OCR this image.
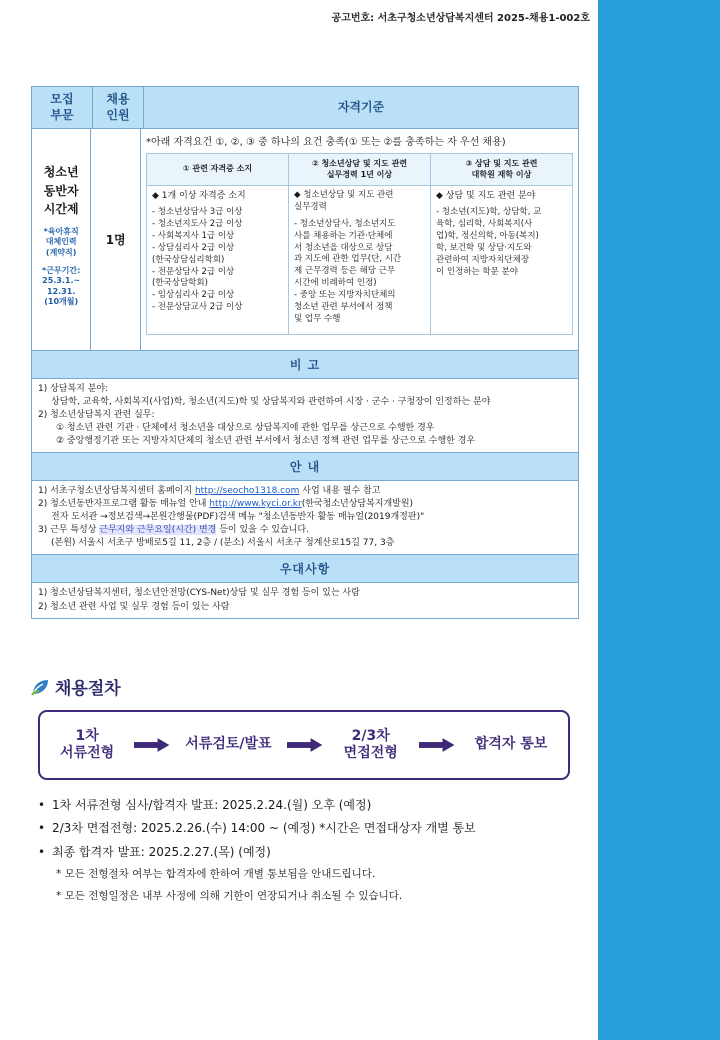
공고번호: 서초구청소년상담복지센터 2025-채용1-002호
모집
부문
채용
인원
자격기준
청소년
동반자
시간제
*육아휴직
대체인력
(계약직)
*근무기간:
25.3.1.~
12.31.
(10개월)
1명
*아래 자격요건 ①, ②, ③ 중 하나의 요건 충족(① 또는 ②를 충족하는 자 우선 채용)
① 관련 자격증 소지
② 청소년상담 및 지도 관련
실무경력 1년 이상
③ 상담 및 지도 관련
대학원 재학 이상
◆ 1개 이상 자격증 소지
- 청소년상담사 3급 이상
- 청소년지도사 2급 이상
- 사회복지사 1급 이상
- 상담심리사 2급 이상
(한국상담심리학회)
- 전문상담사 2급 이상
(한국상담학회)
- 임상심리사 2급 이상
- 전문상담교사 2급 이상
◆ 청소년상담 및 지도 관련
실무경력
- 청소년상담사, 청소년지도
사를 채용하는 기관·단체에
서 청소년을 대상으로 상담
과 지도에 관한 업무(단, 시간
제 근무경력 등은 해당 근무
시간에 비례하여 인정)
- 중앙 또는 지방자치단체의
청소년 관련 부서에서 정책
및 업무 수행
◆ 상담 및 지도 관련 분야
- 청소년(지도)학, 상담학, 교
육학, 심리학, 사회복지(사
업)학, 정신의학, 아동(복지)
학, 보건학 및 상담·지도와
관련하여 지방자치단체장
이 인정하는 학문 분야
비 고
1) 상담복지 분야:
상담학, 교육학, 사회복지(사업)학, 청소년(지도)학 및 상담복지와 관련하여 시장 · 군수 · 구청장이 인정하는 분야
2) 청소년상담복지 관련 실무:
① 청소년 관련 기관 · 단체에서 청소년을 대상으로 상담복지에 관한 업무를 상근으로 수행한 경우
② 중앙행정기관 또는 지방자치단체의 청소년 관련 부서에서 청소년 정책 관련 업무를 상근으로 수행한 경우
안 내
1) 서초구청소년상담복지센터 홈페이지 http://seocho1318.com 사업 내용 필수 참고
2) 청소년동반자프로그램 활동 매뉴얼 안내 http://www.kyci.or.kr(한국청소년상담복지개발원)
전자 도서관 →정보검색→본원간행물(PDF)검색 메뉴 "청소년동반자 활동 매뉴얼(2019개정판)"
3) 근무 특성상 근무지와 근무요일(시간) 변경 등이 있을 수 있습니다.
(본원) 서울시 서초구 방배로5길 11, 2층 / (분소) 서울시 서초구 청계산로15길 77, 3층
우대사항
1) 청소년상담복지센터, 청소년안전망(CYS-Net)상담 및 실무 경험 등이 있는 사람
2) 청소년 관련 사업 및 실무 경험 등이 있는 사람
채용절차
1차
서류전형
서류검토/발표
2/3차
면접전형
합격자 통보
• 1차 서류전형 심사/합격자 발표: 2025.2.24.(월) 오후 (예정)
• 2/3차 면접전형: 2025.2.26.(수) 14:00 ~ (예정) *시간은 면접대상자 개별 통보
• 최종 합격자 발표: 2025.2.27.(목) (예정)
* 모든 전형절차 여부는 합격자에 한하여 개별 통보됨을 안내드립니다.
* 모든 전형일정은 내부 사정에 의해 기한이 연장되거나 취소될 수 있습니다.
